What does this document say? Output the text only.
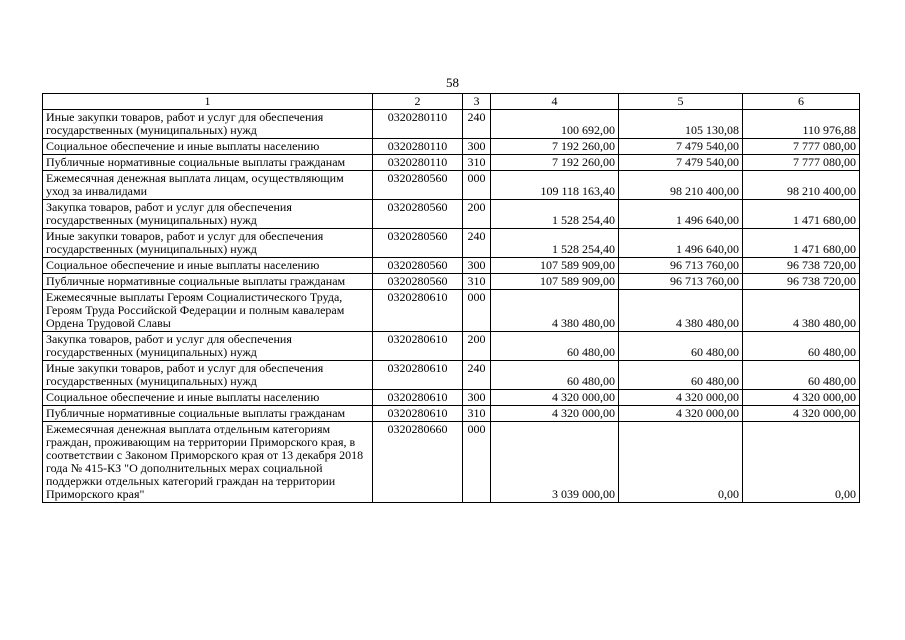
58
1	2	3	4	5	6
Иные закупки товаров, работ и услуг для обеспечения государственных (муниципальных) нужд	0320280110	240	100 692,00	105 130,08	110 976,88
Социальное обеспечение и иные выплаты населению	0320280110	300	7 192 260,00	7 479 540,00	7 777 080,00
Публичные нормативные социальные выплаты гражданам	0320280110	310	7 192 260,00	7 479 540,00	7 777 080,00
Ежемесячная денежная выплата лицам, осуществляющим уход за инвалидами	0320280560	000	109 118 163,40	98 210 400,00	98 210 400,00
Закупка товаров, работ и услуг для обеспечения государственных (муниципальных) нужд	0320280560	200	1 528 254,40	1 496 640,00	1 471 680,00
Иные закупки товаров, работ и услуг для обеспечения государственных (муниципальных) нужд	0320280560	240	1 528 254,40	1 496 640,00	1 471 680,00
Социальное обеспечение и иные выплаты населению	0320280560	300	107 589 909,00	96 713 760,00	96 738 720,00
Публичные нормативные социальные выплаты гражданам	0320280560	310	107 589 909,00	96 713 760,00	96 738 720,00
Ежемесячные выплаты Героям Социалистического Труда, Героям Труда Российской Федерации и полным кавалерам Ордена Трудовой Славы	0320280610	000	4 380 480,00	4 380 480,00	4 380 480,00
Закупка товаров, работ и услуг для обеспечения государственных (муниципальных) нужд	0320280610	200	60 480,00	60 480,00	60 480,00
Иные закупки товаров, работ и услуг для обеспечения государственных (муниципальных) нужд	0320280610	240	60 480,00	60 480,00	60 480,00
Социальное обеспечение и иные выплаты населению	0320280610	300	4 320 000,00	4 320 000,00	4 320 000,00
Публичные нормативные социальные выплаты гражданам	0320280610	310	4 320 000,00	4 320 000,00	4 320 000,00
Ежемесячная денежная выплата отдельным категориям граждан, проживающим на территории Приморского края, в соответствии с Законом Приморского края от 13 декабря 2018 года № 415-КЗ "О дополнительных мерах социальной поддержки отдельных категорий граждан на территории Приморского края"	0320280660	000	3 039 000,00	0,00	0,00
